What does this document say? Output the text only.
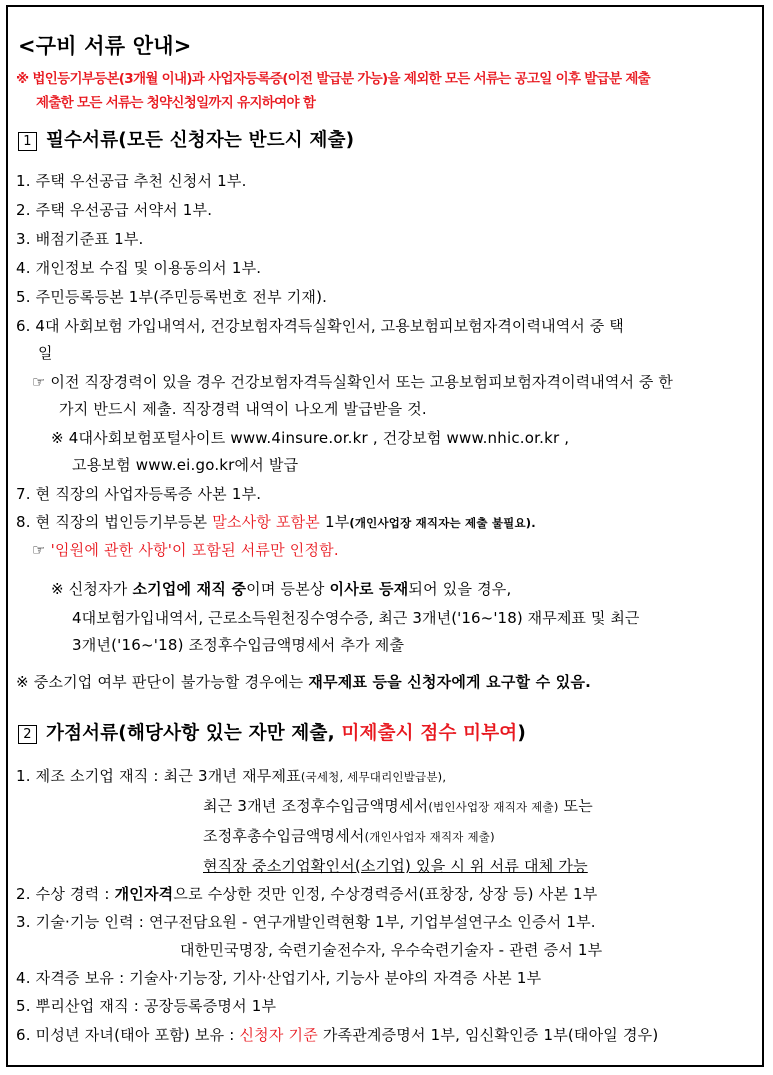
<구비 서류 안내>
※ 법인등기부등본(3개월 이내)과 사업자등록증(이전 발급분 가능)을 제외한 모든 서류는 공고일 이후 발급분 제출
제출한 모든 서류는 청약신청일까지 유지하여야 함
1 필수서류(모든 신청자는 반드시 제출)
1. 주택 우선공급 추천 신청서 1부.
2. 주택 우선공급 서약서 1부.
3. 배점기준표 1부.
4. 개인정보 수집 및 이용동의서 1부.
5. 주민등록등본 1부(주민등록번호 전부 기재).
6. 4대 사회보험 가입내역서, 건강보험자격득실확인서, 고용보험피보험자격이력내역서 중 택
일
☞ 이전 직장경력이 있을 경우 건강보험자격득실확인서 또는 고용보험피보험자격이력내역서 중 한
가지 반드시 제출. 직장경력 내역이 나오게 발급받을 것.
※ 4대사회보험포털사이트 www.4insure.or.kr , 건강보험 www.nhic.or.kr ,
고용보험 www.ei.go.kr에서 발급
7. 현 직장의 사업자등록증 사본 1부.
8. 현 직장의 법인등기부등본 말소사항 포함본 1부(개인사업장 재직자는 제출 불필요).
☞ '임원에 관한 사항'이 포함된 서류만 인정함.
※ 신청자가 소기업에 재직 중이며 등본상 이사로 등재되어 있을 경우,
4대보험가입내역서, 근로소득원천징수영수증, 최근 3개년('16~'18) 재무제표 및 최근
3개년('16~'18) 조정후수입금액명세서 추가 제출
※ 중소기업 여부 판단이 불가능할 경우에는 재무제표 등을 신청자에게 요구할 수 있음.
2 가점서류(해당사항 있는 자만 제출, 미제출시 점수 미부여)
1. 제조 소기업 재직 : 최근 3개년 재무제표(국세청, 세무대리인발급분),
최근 3개년 조정후수입금액명세서(법인사업장 재직자 제출) 또는
조정후총수입금액명세서(개인사업자 재직자 제출)
현직장 중소기업확인서(소기업) 있을 시 위 서류 대체 가능
2. 수상 경력 : 개인자격으로 수상한 것만 인정, 수상경력증서(표창장, 상장 등) 사본 1부
3. 기술·기능 인력 : 연구전담요원 - 연구개발인력현황 1부, 기업부설연구소 인증서 1부.
대한민국명장, 숙련기술전수자, 우수숙련기술자 - 관련 증서 1부
4. 자격증 보유 : 기술사·기능장, 기사·산업기사, 기능사 분야의 자격증 사본 1부
5. 뿌리산업 재직 : 공장등록증명서 1부
6. 미성년 자녀(태아 포함) 보유 : 신청자 기준 가족관계증명서 1부, 임신확인증 1부(태아일 경우)
